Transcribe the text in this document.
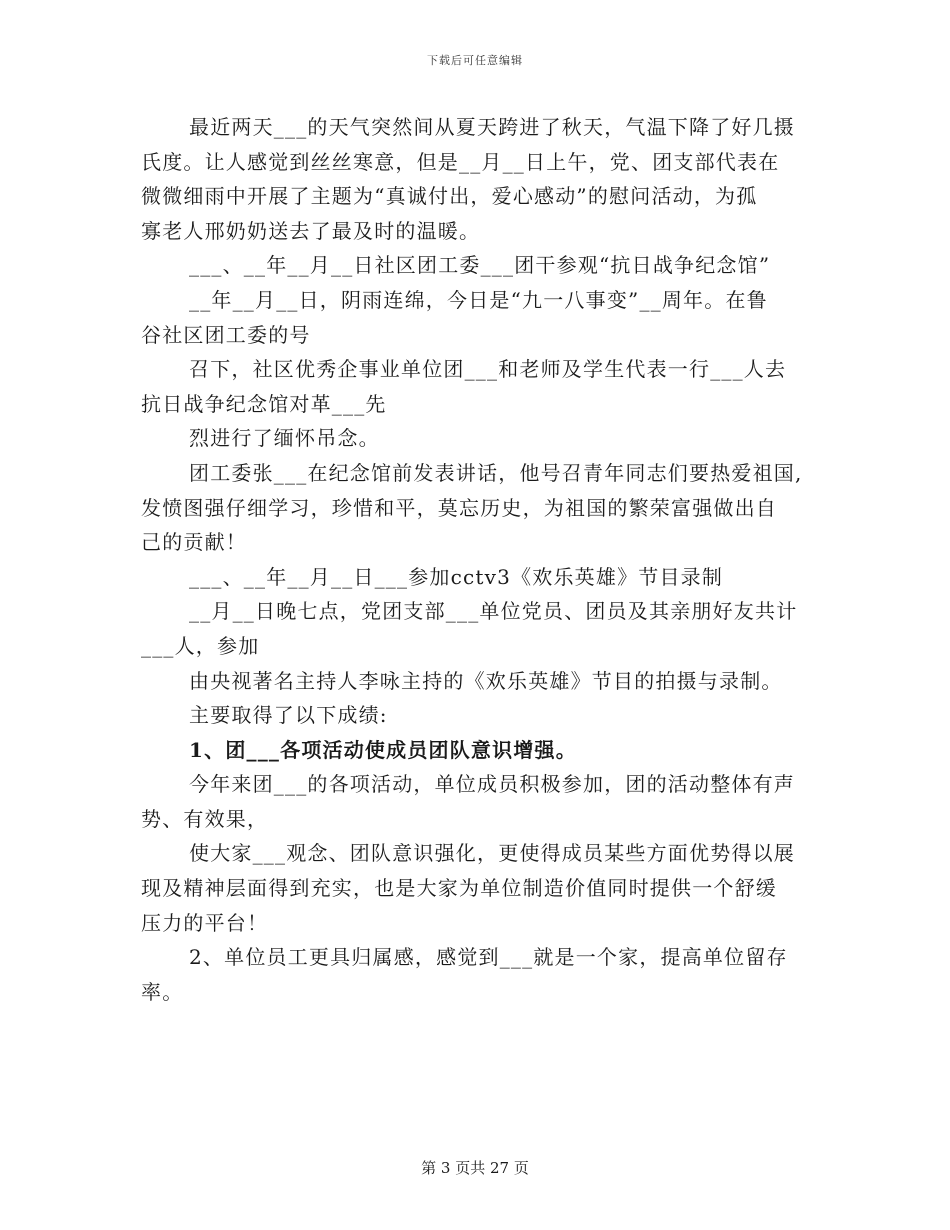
下载后可任意编辑
最近两天___的天气突然间从夏天跨进了秋天，气温下降了好几摄
氏度。让人感觉到丝丝寒意，但是__月__日上午，党、团支部代表在
微微细雨中开展了主题为“真诚付出，爱心感动”的慰问活动，为孤
寡老人邢奶奶送去了最及时的温暖。
___、__年__月__日社区团工委___团干参观“抗日战争纪念馆”
__年__月__日，阴雨连绵，今日是“九一八事变”__周年。在鲁
谷社区团工委的号
召下，社区优秀企事业单位团___和老师及学生代表一行___人去
抗日战争纪念馆对革___先
烈进行了缅怀吊念。
团工委张___在纪念馆前发表讲话，他号召青年同志们要热爱祖国,
发愤图强仔细学习，珍惜和平，莫忘历史，为祖国的繁荣富强做出自
己的贡献！
___、__年__月__日___参加cctv3《欢乐英雄》节目录制
__月__日晚七点，党团支部___单位党员、团员及其亲朋好友共计
___人，参加
由央视著名主持人李咏主持的《欢乐英雄》节目的拍摄与录制。
主要取得了以下成绩:
1、团___各项活动使成员团队意识增强。
今年来团___的各项活动，单位成员积极参加，团的活动整体有声
势、有效果，
使大家___观念、团队意识强化，更使得成员某些方面优势得以展
现及精神层面得到充实，也是大家为单位制造价值同时提供一个舒缓
压力的平台！
2、单位员工更具归属感，感觉到___就是一个家，提高单位留存
率。
第 3 页共 27 页
